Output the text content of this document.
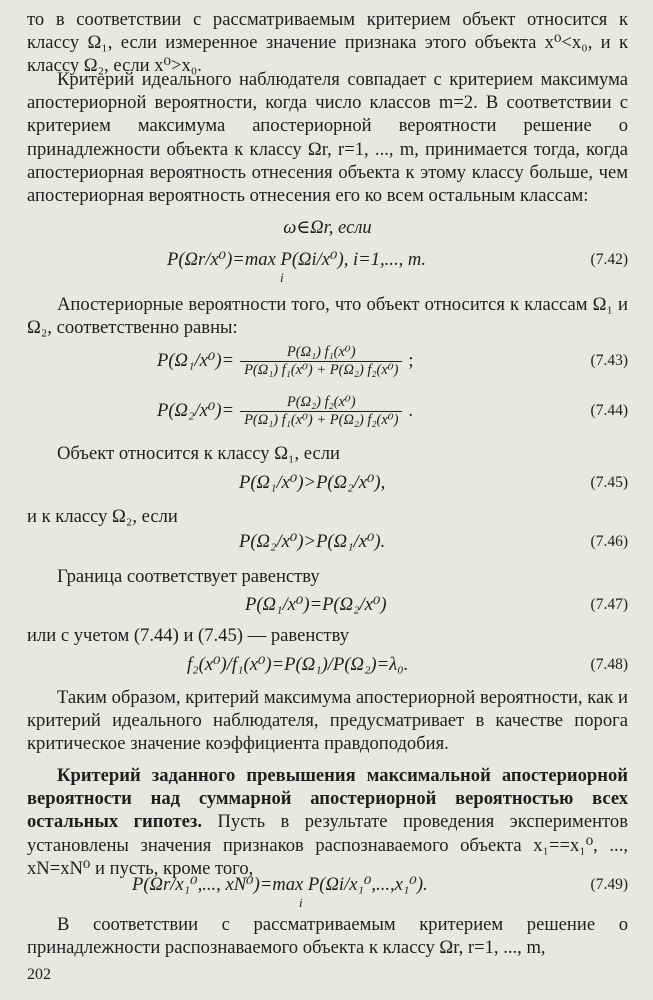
то в соответствии с рассматриваемым критерием объект относится к классу Ω₁, если измеренное значение признака этого объекта x⁰<x₀, и к классу Ω₂, если x⁰>x₀.

Критерий идеального наблюдателя совпадает с критерием максимума апостериорной вероятности, когда число классов m=2. В соответствии с критерием максимума апостериорной вероятности решение о принадлежности объекта к классу Ωr, r=1, ..., m, принимается тогда, когда апостериорная вероятность отнесения объекта к этому классу больше, чем апостериорная вероятность отнесения его ко всем остальным классам:

ω∈Ωr, если
P(Ωr/x⁰)=max P(Ωi/x⁰), i=1,..., m.
i
(7.42)

Апостериорные вероятности того, что объект относится к классам Ω₁ и Ω₂, соответственно равны:

$P(\Omega_1/x^0)= \frac{\text{P(Ω₁) f₁(x⁰)}}{\text{P(Ω₁) f₁(x⁰) + P(Ω₂) f₂(x⁰)}}$ ;	(7.43)
$P(\Omega_2/x^0)= \frac{\text{P(Ω₂) f₂(x⁰)}}{\text{P(Ω₁) f₁(x⁰) + P(Ω₂) f₂(x⁰)}}$ .	(7.44)

Объект относится к классу Ω₁, если

P(Ω₁/x⁰)>P(Ω₂/x⁰),	(7.45)

и к классу Ω₂, если

P(Ω₂/x⁰)>P(Ω₁/x⁰).	(7.46)

Граница соответствует равенству

P(Ω₁/x⁰)=P(Ω₂/x⁰)	(7.47)

или с учетом (7.44) и (7.45) — равенству

f₂(x⁰)/f₁(x⁰)=P(Ω₁)/P(Ω₂)=λ₀.	(7.48)

Таким образом, критерий максимума апостериорной вероятности, как и критерий идеального наблюдателя, предусматривает в качестве порога критическое значение коэффициента правдоподобия.

Критерий заданного превышения максимальной апостериорной вероятности над суммарной апостериорной вероятностью всех остальных гипотез. Пусть в результате проведения экспериментов установлены значения признаков распознаваемого объекта x₁==x₁⁰, ..., xN=xN⁰ и пусть, кроме того,

P(Ωr/x₁⁰,..., xN⁰)=max P(Ωi/x₁⁰,...,x₁⁰).
i
(7.49)

В соответствии с рассматриваемым критерием решение о принадлежности распознаваемого объекта к классу Ωr, r=1, ..., m,

202
